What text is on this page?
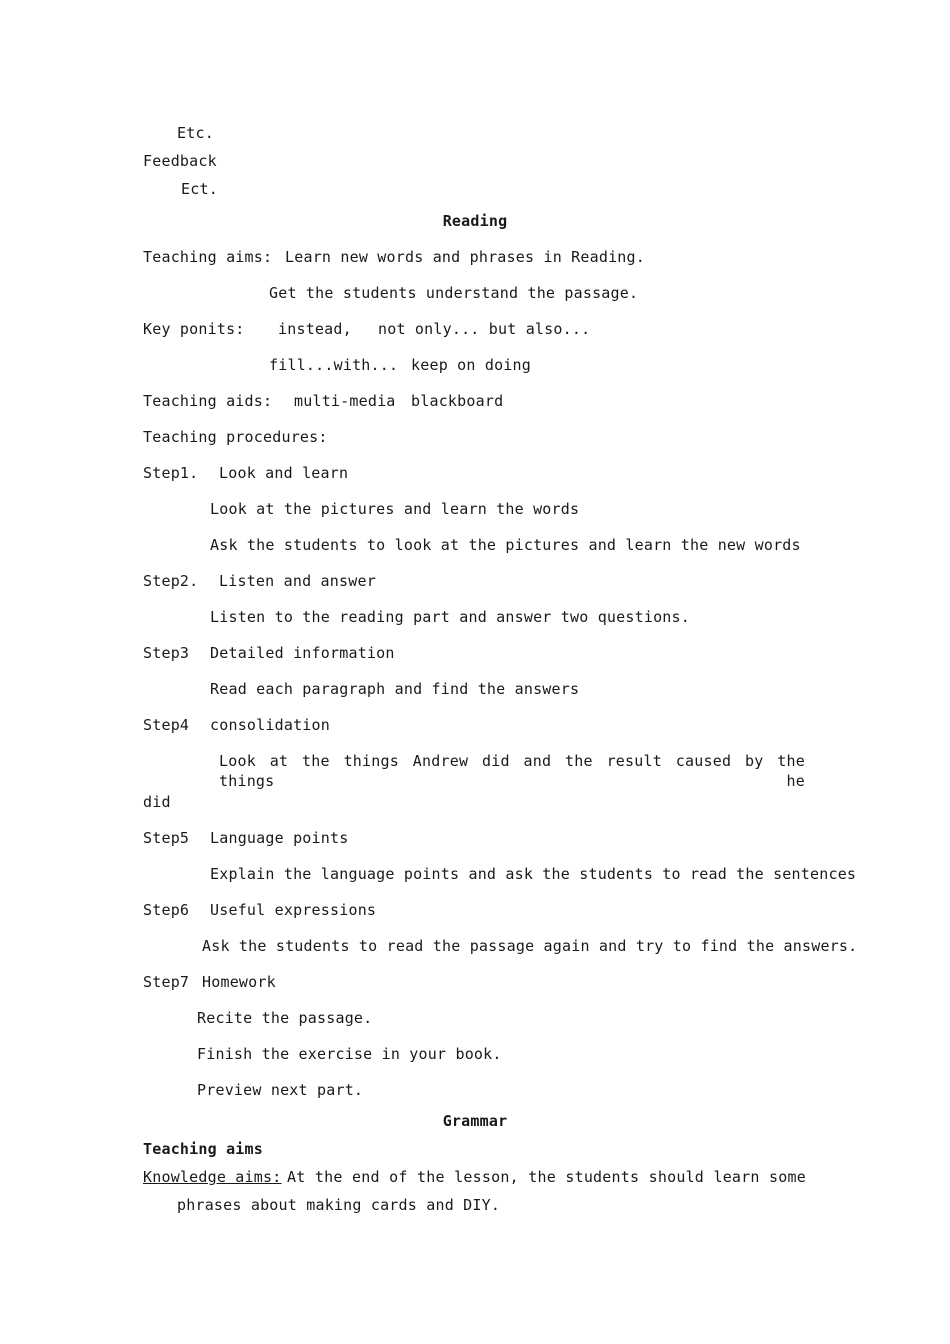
Etc.
Feedback
Ect.
Reading
Teaching aims: Learn new words and phrases in Reading.
Get the students understand the passage.
Key ponits: instead, not only... but also...
fill...with... keep on doing
Teaching aids: multi-media blackboard
Teaching procedures:
Step1. Look and learn
Look at the pictures and learn the words
Ask the students to look at the pictures and learn the new words
Step2. Listen and answer
Listen to the reading part and answer two questions.
Step3 Detailed information
Read each paragraph and find the answers
Step4 consolidation
Look at the things Andrew did and the result caused by the things he
did
Step5 Language points
Explain the language points and ask the students to read the sentences
Step6 Useful expressions
Ask the students to read the passage again and try to find the answers.
Step7 Homework
Recite the passage.
Finish the exercise in your book.
Preview next part.
Grammar
Teaching aims
Knowledge aims: At the end of the lesson, the students should learn some
phrases about making cards and DIY.
